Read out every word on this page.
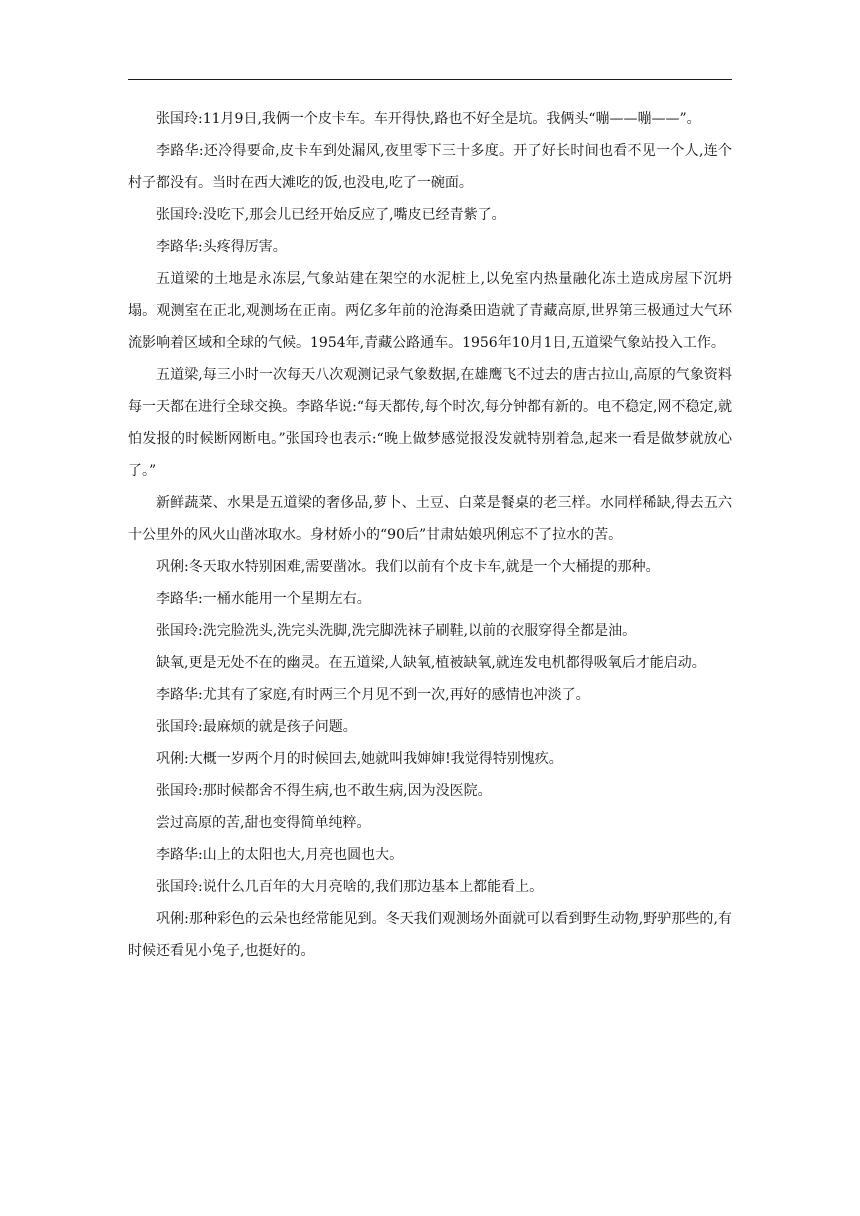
张国玲:11月9日,我俩一个皮卡车。车开得快,路也不好全是坑。我俩头“嘣——嘣——”。

李路华:还冷得要命,皮卡车到处漏风,夜里零下三十多度。开了好长时间也看不见一个人,连个村子都没有。当时在西大滩吃的饭,也没电,吃了一碗面。

张国玲:没吃下,那会儿已经开始反应了,嘴皮已经青紫了。

李路华:头疼得厉害。

五道梁的土地是永冻层,气象站建在架空的水泥桩上,以免室内热量融化冻土造成房屋下沉坍塌。观测室在正北,观测场在正南。两亿多年前的沧海桑田造就了青藏高原,世界第三极通过大气环流影响着区域和全球的气候。1954年,青藏公路通车。1956年10月1日,五道梁气象站投入工作。

五道梁,每三小时一次每天八次观测记录气象数据,在雄鹰飞不过去的唐古拉山,高原的气象资料每一天都在进行全球交换。李路华说:“每天都传,每个时次,每分钟都有新的。电不稳定,网不稳定,就怕发报的时候断网断电。”张国玲也表示:“晚上做梦感觉报没发就特别着急,起来一看是做梦就放心了。”

新鲜蔬菜、水果是五道梁的奢侈品,萝卜、土豆、白菜是餐桌的老三样。水同样稀缺,得去五六十公里外的风火山凿冰取水。身材娇小的“90后”甘肃姑娘巩俐忘不了拉水的苦。

巩俐:冬天取水特别困难,需要凿冰。我们以前有个皮卡车,就是一个大桶提的那种。

李路华:一桶水能用一个星期左右。

张国玲:洗完脸洗头,洗完头洗脚,洗完脚洗袜子刷鞋,以前的衣服穿得全都是油。

缺氧,更是无处不在的幽灵。在五道梁,人缺氧,植被缺氧,就连发电机都得吸氧后才能启动。

李路华:尤其有了家庭,有时两三个月见不到一次,再好的感情也冲淡了。

张国玲:最麻烦的就是孩子问题。

巩俐:大概一岁两个月的时候回去,她就叫我婶婶!我觉得特别愧疚。

张国玲:那时候都舍不得生病,也不敢生病,因为没医院。

尝过高原的苦,甜也变得简单纯粹。

李路华:山上的太阳也大,月亮也圆也大。

张国玲:说什么几百年的大月亮啥的,我们那边基本上都能看上。

巩俐:那种彩色的云朵也经常能见到。冬天我们观测场外面就可以看到野生动物,野驴那些的,有时候还看见小兔子,也挺好的。
